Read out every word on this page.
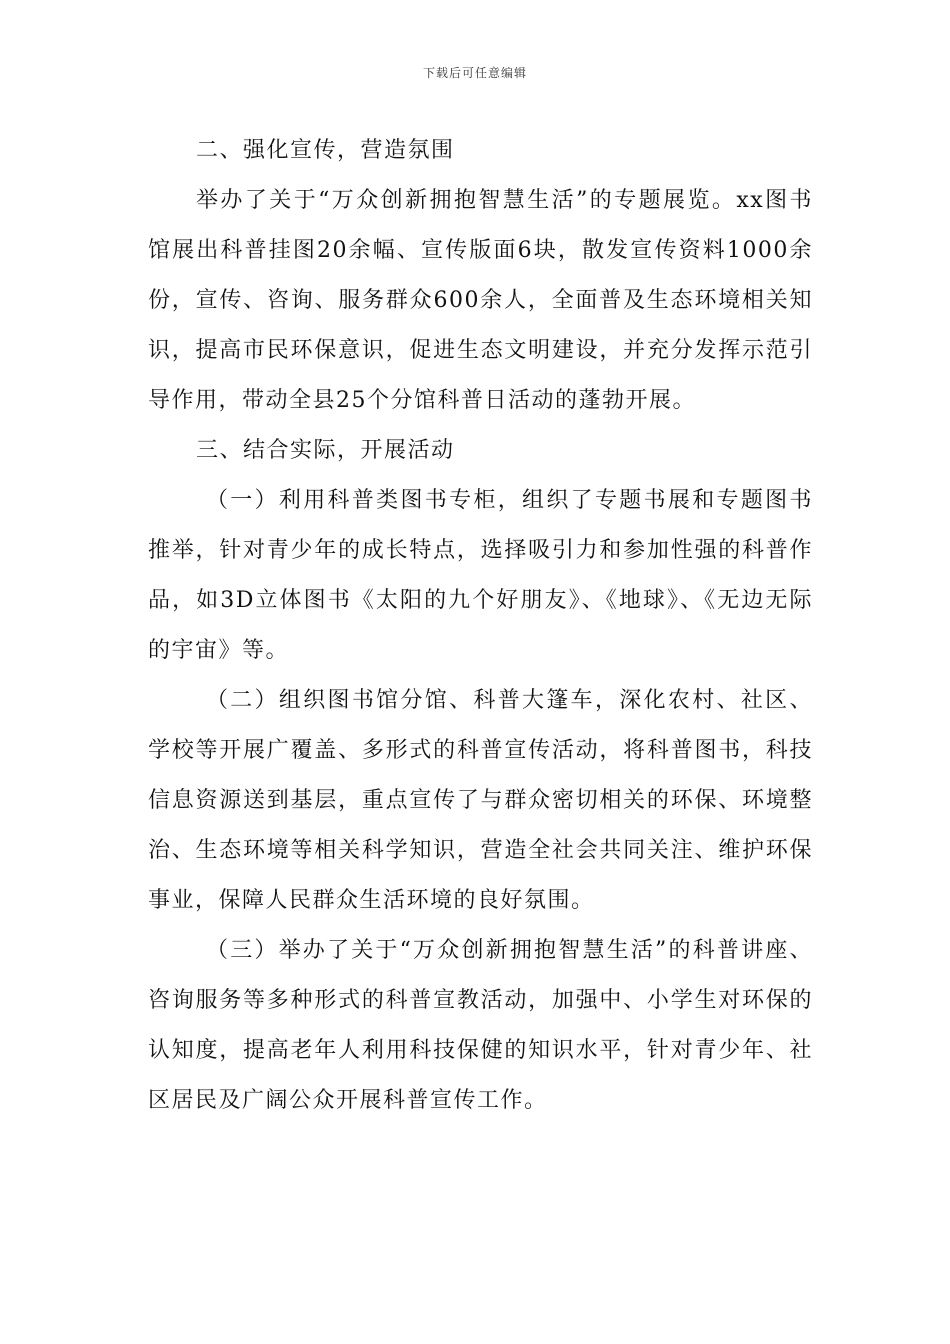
下载后可任意编辑

二、强化宣传，营造氛围

举办了关于“万众创新拥抱智慧生活”的专题展览。xx图书馆展出科普挂图20余幅、宣传版面6块，散发宣传资料1000余份，宣传、咨询、服务群众600余人，全面普及生态环境相关知识，提高市民环保意识，促进生态文明建设，并充分发挥示范引导作用，带动全县25个分馆科普日活动的蓬勃开展。

三、结合实际，开展活动

（一）利用科普类图书专柜，组织了专题书展和专题图书推举，针对青少年的成长特点，选择吸引力和参加性强的科普作品，如3D立体图书《太阳的九个好朋友》、《地球》、《无边无际的宇宙》等。

（二）组织图书馆分馆、科普大篷车，深化农村、社区、学校等开展广覆盖、多形式的科普宣传活动，将科普图书，科技信息资源送到基层，重点宣传了与群众密切相关的环保、环境整治、生态环境等相关科学知识，营造全社会共同关注、维护环保事业，保障人民群众生活环境的良好氛围。

（三）举办了关于“万众创新拥抱智慧生活”的科普讲座、咨询服务等多种形式的科普宣教活动，加强中、小学生对环保的认知度，提高老年人利用科技保健的知识水平，针对青少年、社区居民及广阔公众开展科普宣传工作。
